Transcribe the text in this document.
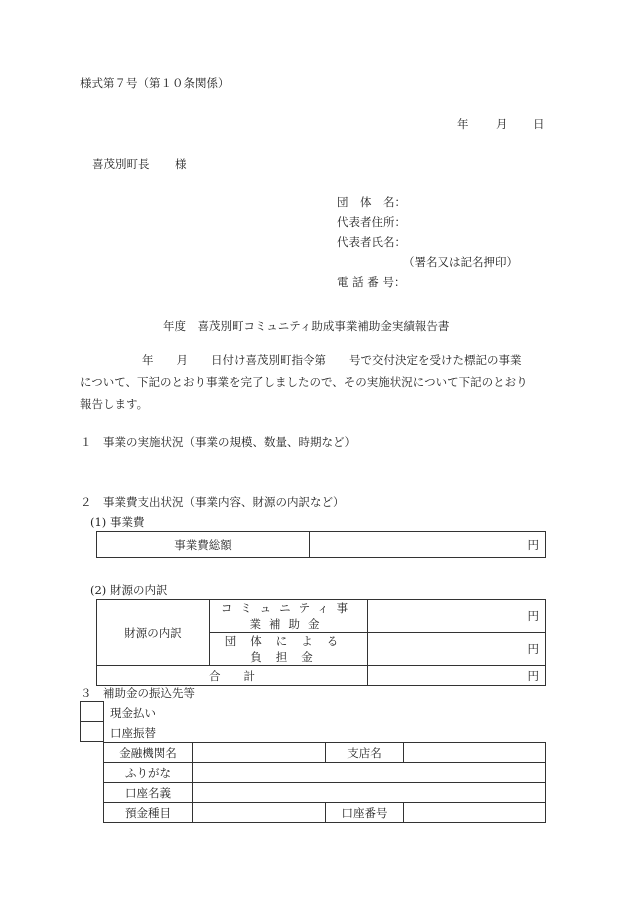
様式第７号（第１０条関係）
年 月 日
喜茂別町長 様
団　体　名：
代表者住所：
代表者氏名：
（署名又は記名押印）
電 話 番 号：
年度　喜茂別町コミュニティ助成事業補助金実績報告書
年　　月　　日付け喜茂別町指令第　　号で交付決定を受けた標記の事業
について、下記のとおり事業を完了しましたので、その実施状況について下記のとおり
報告します。
１　事業の実施状況（事業の規模、数量、時期など）
２　事業費支出状況（事業内容、財源の内訳など）
(1) 事業費
事業費総額	円
(2) 財源の内訳
財源の内訳	コミュニティ事業補助金	円
	団体による負担金	円
合　　計		円
３　補助金の振込先等
現金払い
口座振替
金融機関名		支店名	
ふりがな			
口座名義			
預金種目		口座番号	
